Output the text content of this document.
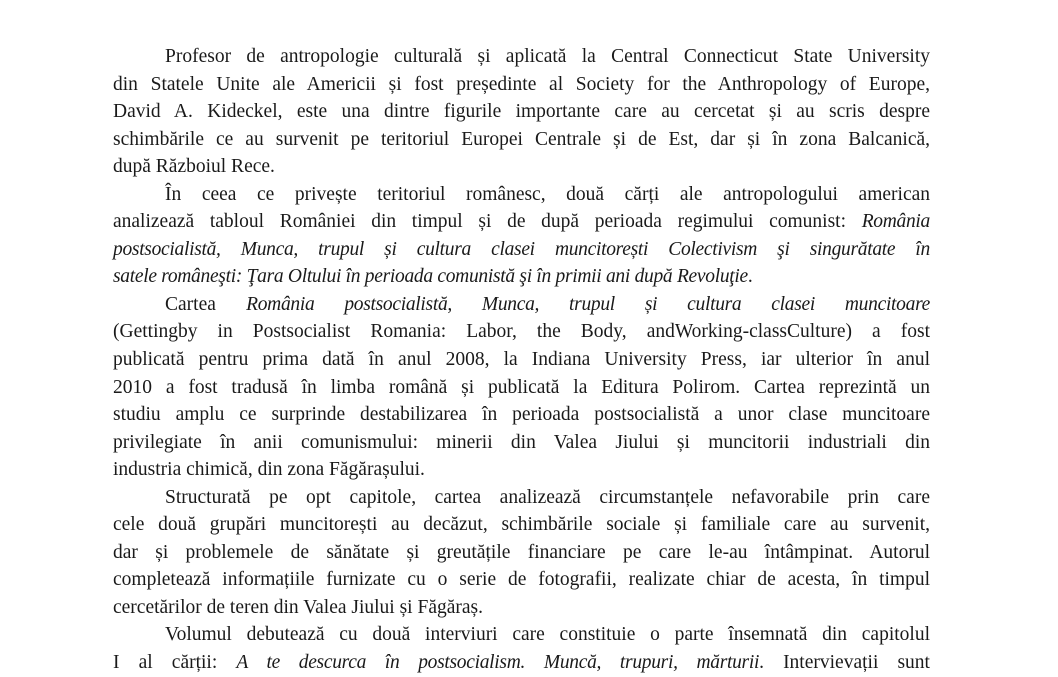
Profesor de antropologie culturală și aplicată la Central Connecticut State University
din Statele Unite ale Americii și fost președinte al Society for the Anthropology of Europe,
David A. Kideckel, este una dintre figurile importante care au cercetat și au scris despre
schimbările ce au survenit pe teritoriul Europei Centrale și de Est, dar și în zona Balcanică,
după Războiul Rece.
În ceea ce privește teritoriul românesc, două cărți ale antropologului american
analizează tabloul României din timpul și de după perioada regimului comunist: România
postsocialistă, Munca, trupul și cultura clasei muncitorești Colectivism şi singurătate în
satele româneşti: Ţara Oltului în perioada comunistă şi în primii ani după Revoluţie.
Cartea România postsocialistă, Munca, trupul și cultura clasei muncitoare
(Gettingby in Postsocialist Romania: Labor, the Body, andWorking-classCulture) a fost
publicată pentru prima dată în anul 2008, la Indiana University Press, iar ulterior în anul
2010 a fost tradusă în limba română și publicată la Editura Polirom. Cartea reprezintă un
studiu amplu ce surprinde destabilizarea în perioada postsocialistă a unor clase muncitoare
privilegiate în anii comunismului: minerii din Valea Jiului și muncitorii industriali din
industria chimică, din zona Făgărașului.
Structurată pe opt capitole, cartea analizează circumstanțele nefavorabile prin care
cele două grupări muncitorești au decăzut, schimbările sociale și familiale care au survenit,
dar și problemele de sănătate și greutățile financiare pe care le-au întâmpinat. Autorul
completează informațiile furnizate cu o serie de fotografii, realizate chiar de acesta, în timpul
cercetărilor de teren din Valea Jiului și Făgăraș.
Volumul debutează cu două interviuri care constituie o parte însemnată din capitolul
I al cărții: A te descurca în postsocialism. Muncă, trupuri, mărturii. Intervievații sunt
